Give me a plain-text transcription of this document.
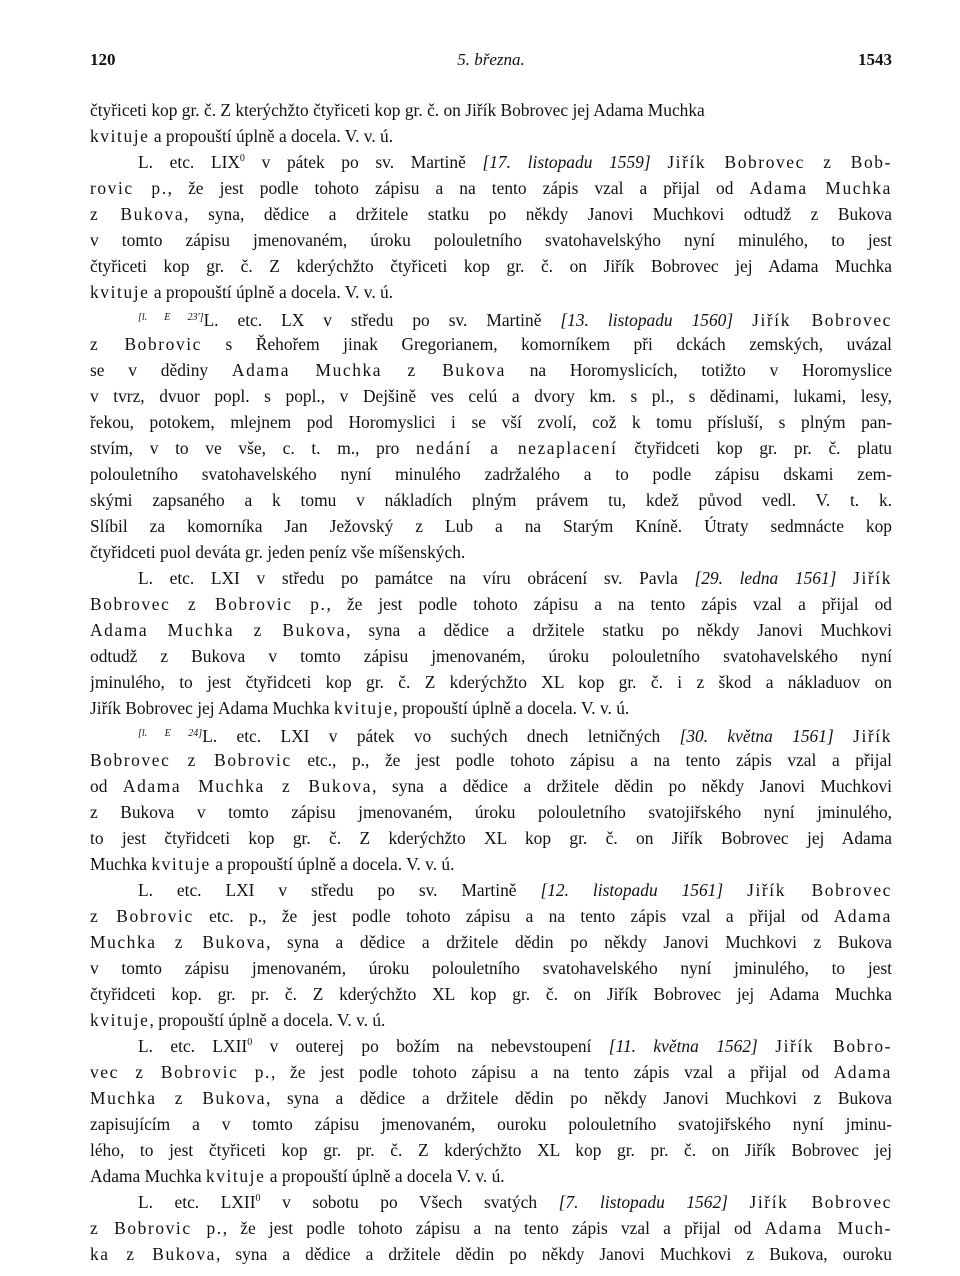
120	5. března.	1543
čtyřiceti kop gr. č. Z kterýchžto čtyřiceti kop gr. č. on Jiřík Bobrovec jej Adama Muchka
kvituje a propouští úplně a docela. V. v. ú.
L. etc. LIX$^0$ v pátek po sv. Martině [17. listopadu 1559] Jiřík Bobrovec z Bob-
rovic p., že jest podle tohoto zápisu a na tento zápis vzal a přijal od Adama Muchka
z Bukova, syna, dědice a držitele statku po někdy Janovi Muchkovi odtudž z Bukova
v tomto zápisu jmenovaném, úroku polouletního svatohavelskýho nyní minulého, to jest
čtyřiceti kop gr. č. Z kderýchžto čtyřiceti kop gr. č. on Jiřík Bobrovec jej Adama Muchka
kvituje a propouští úplně a docela. V. v. ú.
[l. E 23']L. etc. LX v středu po sv. Martině [13. listopadu 1560] Jiřík Bobrovec
z Bobrovic s Řehořem jinak Gregorianem, komorníkem při dckách zemských, uvázal
se v dědiny Adama Muchka z Bukova na Horomyslicích, totižto v Horomyslice
v tvrz, dvuor popl. s popl., v Dejšině ves celú a dvory km. s pl., s dědinami, lukami, lesy,
řekou, potokem, mlejnem pod Horomyslici i se vší zvolí, což k tomu přísluší, s plným pan-
stvím, v to ve vše, c. t. m., pro nedání a nezaplacení čtyřidceti kop gr. pr. č. platu
polouletního svatohavelského nyní minulého zadržalého a to podle zápisu dskami zem-
skými zapsaného a k tomu v nákladích plným právem tu, kdež původ vedl. V. t. k.
Slíbil za komorníka Jan Ježovský z Lub a na Starým Kníně. Útraty sedmnácte kop
čtyřidceti puol deváta gr. jeden peníz vše míšenských.
L. etc. LXI v středu po památce na víru obrácení sv. Pavla [29. ledna 1561] Jiřík
Bobrovec z Bobrovic p., že jest podle tohoto zápisu a na tento zápis vzal a přijal od
Adama Muchka z Bukova, syna a dědice a držitele statku po někdy Janovi Muchkovi
odtudž z Bukova v tomto zápisu jmenovaném, úroku polouletního svatohavelského nyní
jminulého, to jest čtyřidceti kop gr. č. Z kderýchžto XL kop gr. č. i z škod a nákladuov on
Jiřík Bobrovec jej Adama Muchka kvituje, propouští úplně a docela. V. v. ú.
[l. E 24]L. etc. LXI v pátek vo suchých dnech letničných [30. května 1561] Jiřík
Bobrovec z Bobrovic etc., p., že jest podle tohoto zápisu a na tento zápis vzal a přijal
od Adama Muchka z Bukova, syna a dědice a držitele dědin po někdy Janovi Muchkovi
z Bukova v tomto zápisu jmenovaném, úroku polouletního svatojiřského nyní jminulého,
to jest čtyřidceti kop gr. č. Z kderýchžto XL kop gr. č. on Jiřík Bobrovec jej Adama
Muchka kvituje a propouští úplně a docela. V. v. ú.
L. etc. LXI v středu po sv. Martině [12. listopadu 1561] Jiřík Bobrovec
z Bobrovic etc. p., že jest podle tohoto zápisu a na tento zápis vzal a přijal od Adama
Muchka z Bukova, syna a dědice a držitele dědin po někdy Janovi Muchkovi z Bukova
v tomto zápisu jmenovaném, úroku polouletního svatohavelského nyní jminulého, to jest
čtyřidceti kop. gr. pr. č. Z kderýchžto XL kop gr. č. on Jiřík Bobrovec jej Adama Muchka
kvituje, propouští úplně a docela. V. v. ú.
L. etc. LXII$^0$ v outerej po božím na nebevstoupení [11. května 1562] Jiřík Bobro-
vec z Bobrovic p., že jest podle tohoto zápisu a na tento zápis vzal a přijal od Adama
Muchka z Bukova, syna a dědice a držitele dědin po někdy Janovi Muchkovi z Bukova
zapisujícím a v tomto zápisu jmenovaném, ouroku polouletního svatojiřského nyní jminu-
lého, to jest čtyřiceti kop gr. pr. č. Z kderýchžto XL kop gr. pr. č. on Jiřík Bobrovec jej
Adama Muchka kvituje a propouští úplně a docela V. v. ú.
L. etc. LXII$^0$ v sobotu po Všech svatých [7. listopadu 1562] Jiřík Bobrovec
z Bobrovic p., že jest podle tohoto zápisu a na tento zápis vzal a přijal od Adama Much-
ka z Bukova, syna a dědice a držitele dědin po někdy Janovi Muchkovi z Bukova, ouroku
